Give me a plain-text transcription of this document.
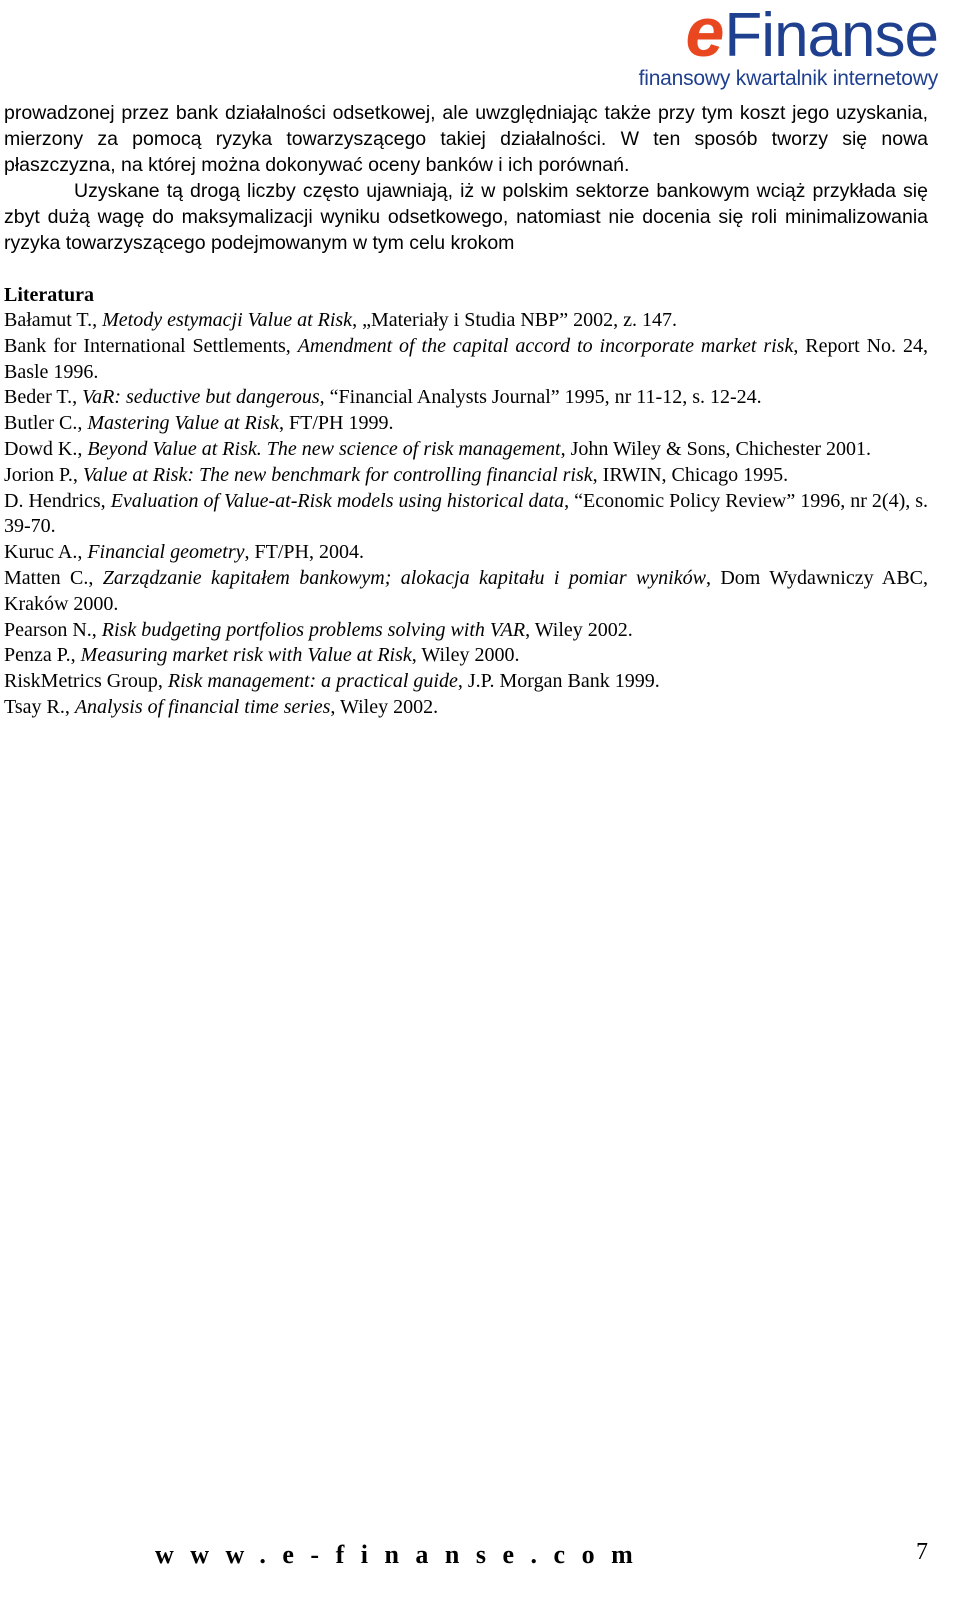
eFinanse
finansowy kwartalnik internetowy

prowadzonej przez bank działalności odsetkowej, ale uwzględniając także przy tym koszt jego uzyskania, mierzony za pomocą ryzyka towarzyszącego takiej działalności. W ten sposób tworzy się nowa płaszczyzna, na której można dokonywać oceny banków i ich porównań.

Uzyskane tą drogą liczby często ujawniają, iż w polskim sektorze bankowym wciąż przykłada się zbyt dużą wagę do maksymalizacji wyniku odsetkowego, natomiast nie docenia się roli minimalizowania ryzyka towarzyszącego podejmowanym w tym celu krokom

Literatura
Bałamut T., Metody estymacji Value at Risk, „Materiały i Studia NBP” 2002, z. 147.
Bank for International Settlements, Amendment of the capital accord to incorporate market risk, Report No. 24, Basle 1996.
Beder T., VaR: seductive but dangerous, “Financial Analysts Journal” 1995, nr 11-12, s. 12-24.
Butler C., Mastering Value at Risk, FT/PH 1999.
Dowd K., Beyond Value at Risk. The new science of risk management, John Wiley & Sons, Chichester 2001.
Jorion P., Value at Risk: The new benchmark for controlling financial risk, IRWIN, Chicago 1995.
D. Hendrics, Evaluation of Value-at-Risk models using historical data, “Economic Policy Review” 1996, nr 2(4), s. 39-70.
Kuruc A., Financial geometry, FT/PH, 2004.
Matten C., Zarządzanie kapitałem bankowym; alokacja kapitału i pomiar wyników, Dom Wydawniczy ABC, Kraków 2000.
Pearson N., Risk budgeting portfolios problems solving with VAR, Wiley 2002.
Penza P., Measuring market risk with Value at Risk, Wiley 2000.
RiskMetrics Group, Risk management: a practical guide, J.P. Morgan Bank 1999.
Tsay R., Analysis of financial time series, Wiley 2002.
www.e-finanse.com	7
